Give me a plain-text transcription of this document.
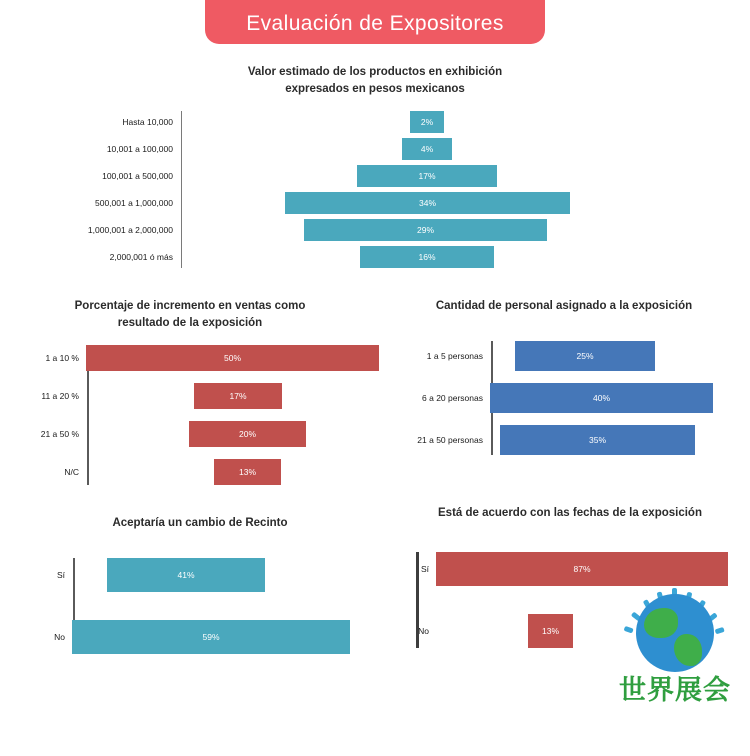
Evaluación de Expositores
Valor estimado de los productos en exhibición
expresados en pesos mexicanos
Hasta 10,000	2%
10,001 a 100,000	4%
100,001 a 500,000	17%
500,001 a 1,000,000	34%
1,000,001 a 2,000,000	29%
2,000,001 ó más	16%
Porcentaje de incremento en ventas como
resultado de la exposición
1 a 10 %	50%
11 a 20 %	17%
21 a 50 %	20%
N/C	13%
Cantidad de personal asignado a la exposición
1 a 5 personas	25%
6 a 20 personas	40%
21 a 50 personas	35%
Aceptaría un cambio de Recinto
Sí	41%
No	59%
Está de acuerdo con las fechas de la exposición
Sí	87%
No	13%
世界展会
